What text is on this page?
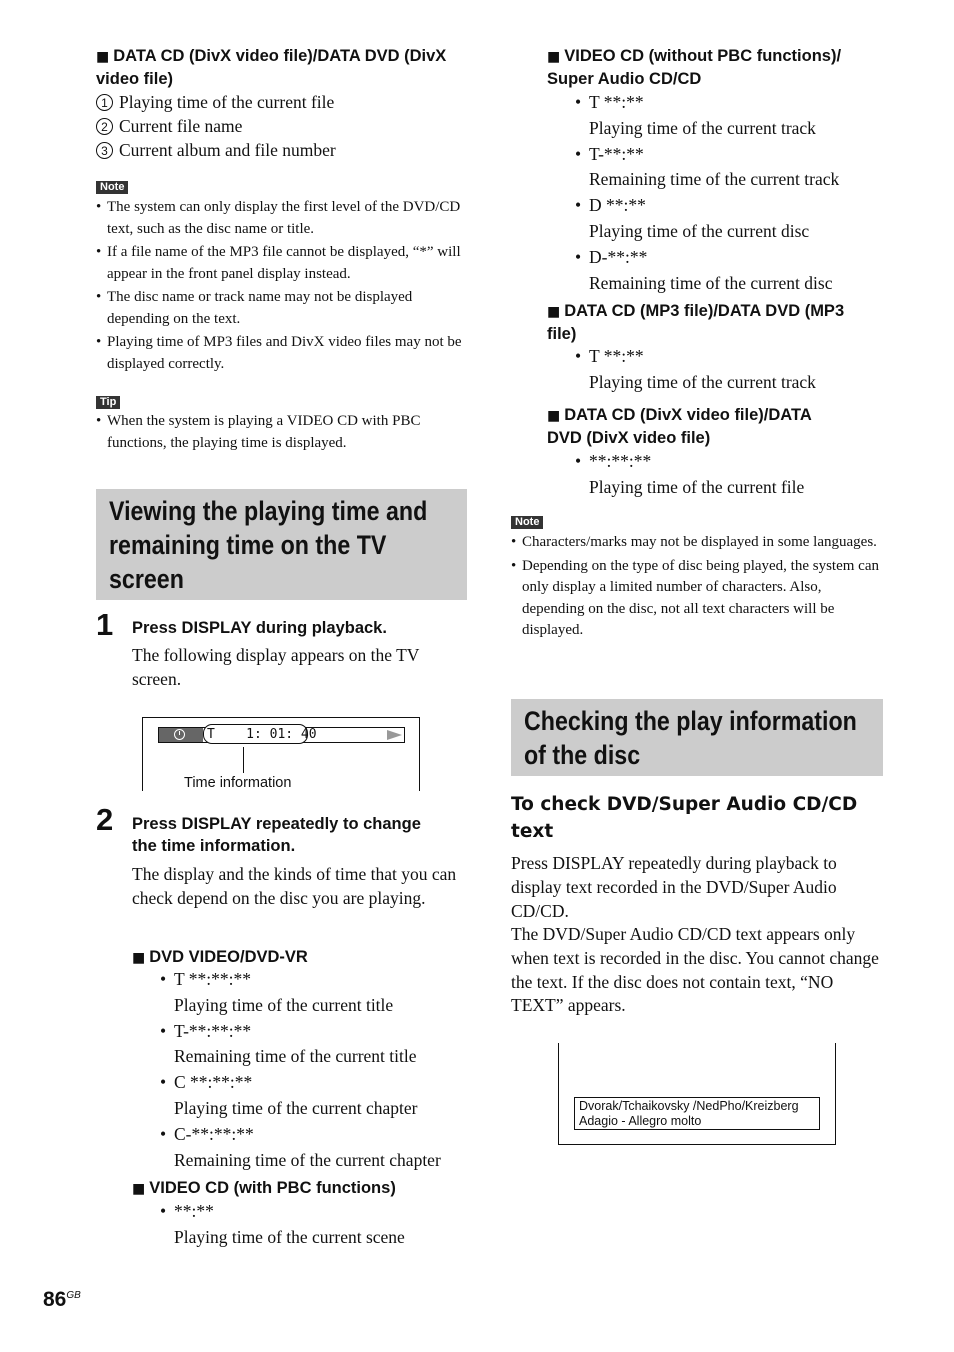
■ DATA CD (DivX video file)/DATA DVD (DivX video file)
1 Playing time of the current file
2 Current file name
3 Current album and file number
Note
• The system can only display the first level of the DVD/CD text, such as the disc name or title.
• If a file name of the MP3 file cannot be displayed, “*” will appear in the front panel display instead.
• The disc name or track name may not be displayed depending on the text.
• Playing time of MP3 files and DivX video files may not be displayed correctly.
Tip
• When the system is playing a VIDEO CD with PBC functions, the playing time is displayed.
Viewing the playing time and
remaining time on the TV
screen
1 Press DISPLAY during playback.
The following display appears on the TV screen.
T    1: 01: 40
Time information
2 Press DISPLAY repeatedly to change
the time information.
The display and the kinds of time that you can check depend on the disc you are playing.
■ DVD VIDEO/DVD-VR
• T **:**:**
Playing time of the current title
• T-**:**:**
Remaining time of the current title
• C **:**:**
Playing time of the current chapter
• C-**:**:**
Remaining time of the current chapter
■ VIDEO CD (with PBC functions)
• **:**
Playing time of the current scene
■ VIDEO CD (without PBC functions)/
Super Audio CD/CD
• T **:**
Playing time of the current track
• T-**:**
Remaining time of the current track
• D **:**
Playing time of the current disc
• D-**:**
Remaining time of the current disc
■ DATA CD (MP3 file)/DATA DVD (MP3
file)
• T **:**
Playing time of the current track
■ DATA CD (DivX video file)/DATA
DVD (DivX video file)
• **:**:**
Playing time of the current file
Note
• Characters/marks may not be displayed in some languages.
• Depending on the type of disc being played, the system can only display a limited number of characters. Also, depending on the disc, not all text characters will be displayed.
Checking the play information
of the disc
To check DVD/Super Audio CD/CD
text
Press DISPLAY repeatedly during playback to display text recorded in the DVD/Super Audio CD/CD.
The DVD/Super Audio CD/CD text appears only when text is recorded in the disc. You cannot change the text. If the disc does not contain text, “NO TEXT” appears.
Dvorak/Tchaikovsky /NedPho/Kreizberg
Adagio - Allegro molto
$86^{GB}$
